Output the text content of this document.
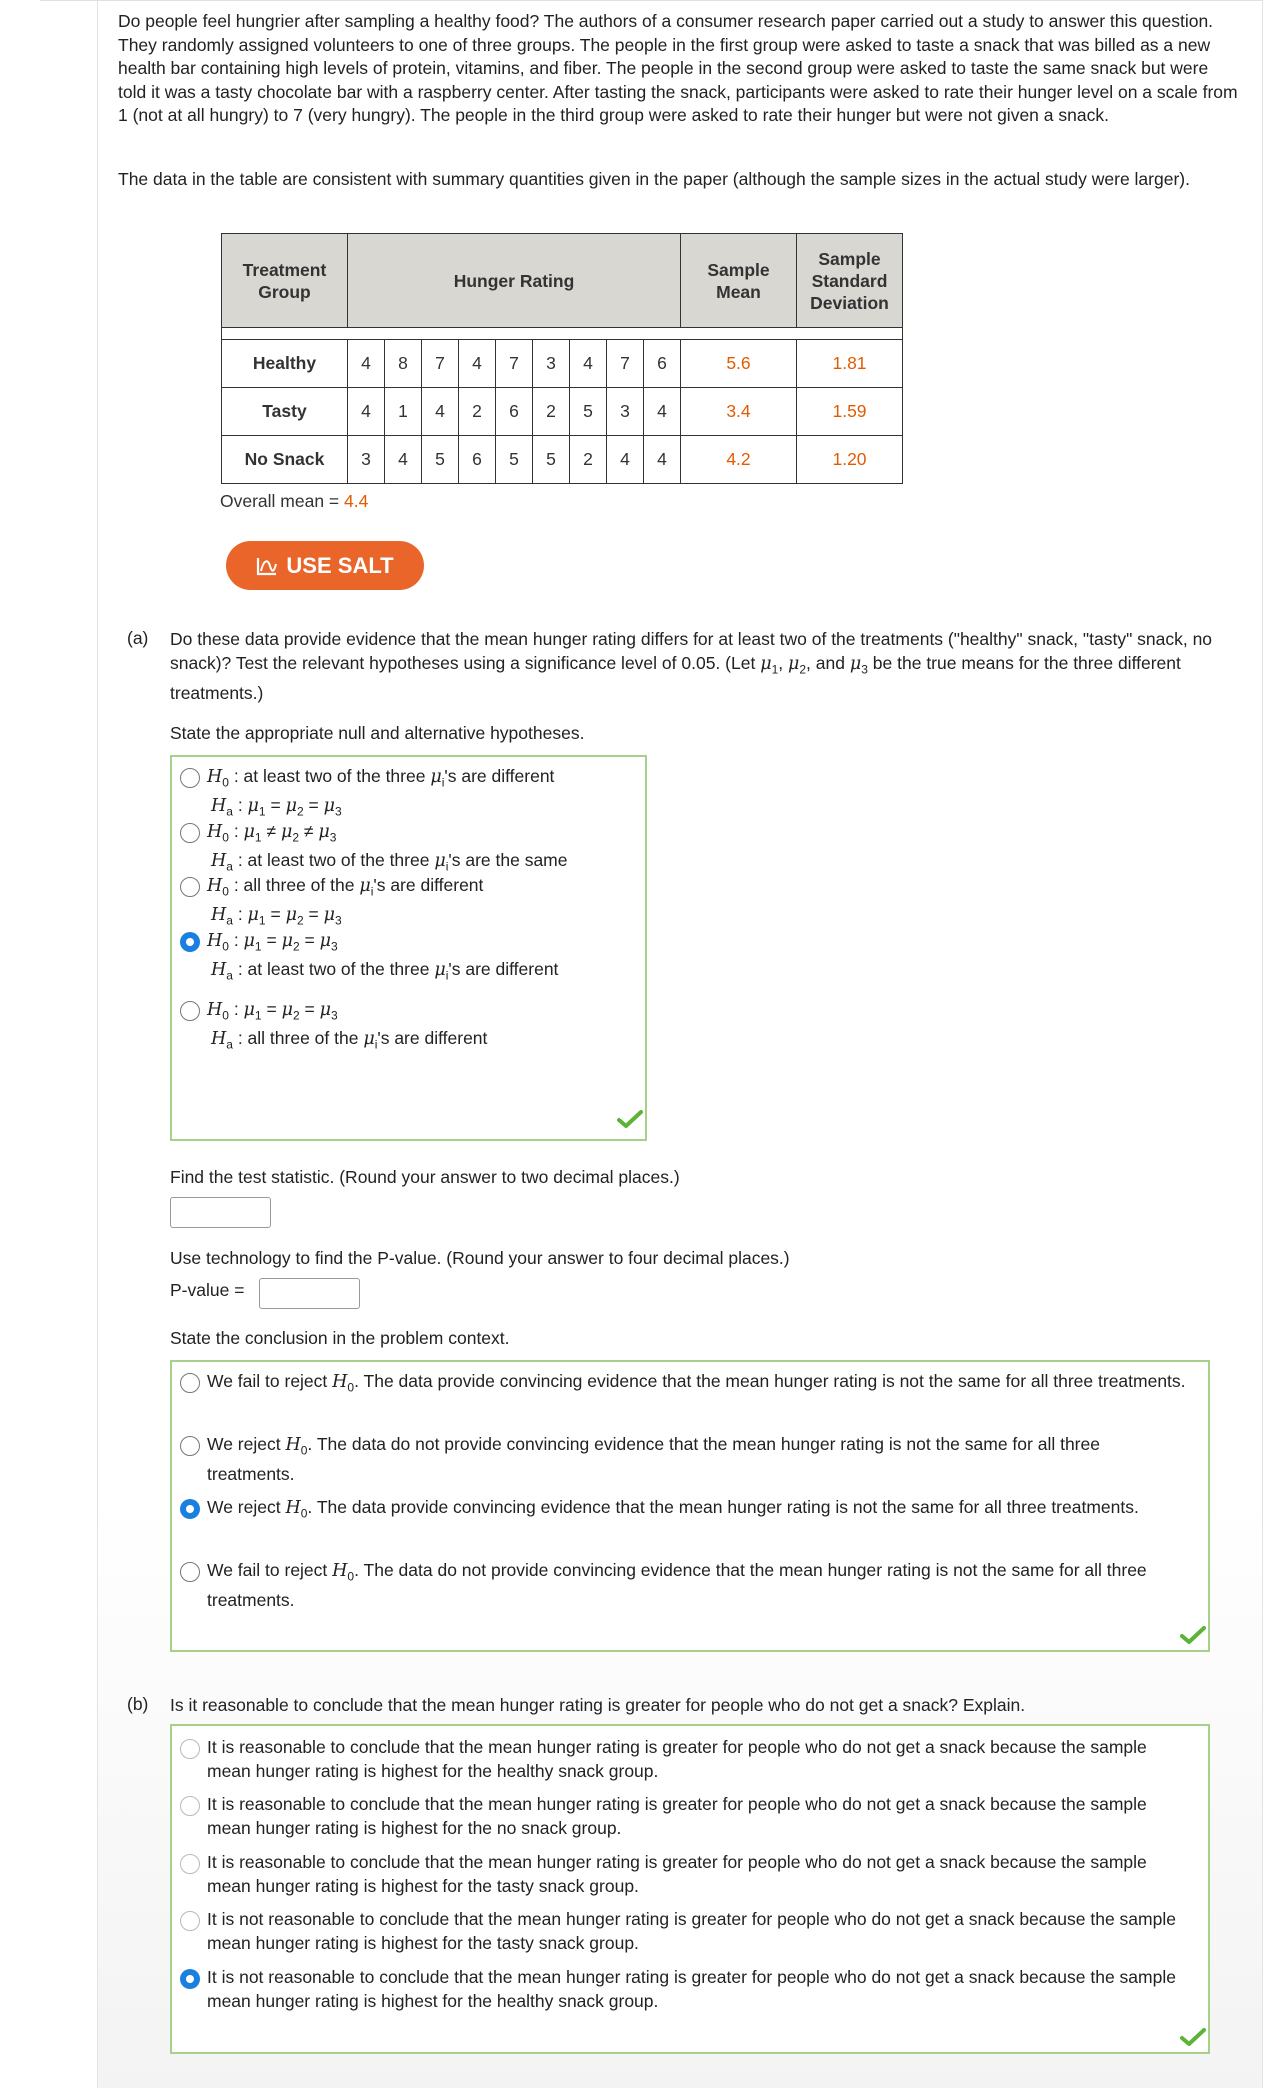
Do people feel hungrier after sampling a healthy food? The authors of a consumer research paper carried out a study to answer this question. They randomly assigned volunteers to one of three groups. The people in the first group were asked to taste a snack that was billed as a new health bar containing high levels of protein, vitamins, and fiber. The people in the second group were asked to taste the same snack but were told it was a tasty chocolate bar with a raspberry center. After tasting the snack, participants were asked to rate their hunger level on a scale from 1 (not at all hungry) to 7 (very hungry). The people in the third group were asked to rate their hunger but were not given a snack.

The data in the table are consistent with summary quantities given in the paper (although the sample sizes in the actual study were larger).

Treatment Group	Hunger Rating									Sample Mean	Sample Standard Deviation

Healthy	4	8	7	4	7	3	4	7	6	5.6	1.81
Tasty	4	1	4	2	6	2	5	3	4	3.4	1.59
No Snack	3	4	5	6	5	5	2	4	4	4.2	1.20
Overall mean = 4.4
USE SALT
(a) Do these data provide evidence that the mean hunger rating differs for at least two of the treatments ("healthy" snack, "tasty" snack, no snack)? Test the relevant hypotheses using a significance level of 0.05. (Let $\mu_1$, $\mu_2$, and $\mu_3$ be the true means for the three different treatments.)
State the appropriate null and alternative hypotheses.
$H_0$ : at least two of the three $\mu_i's$ are different
$H_a$ : $\mu_1 = \mu_2 = \mu_3$
$H_0$ : $\mu_1 \ne \mu_2 \ne \mu_3$
$H_a$ : at least two of the three $\mu_i's$ are the same
$H_0$ : all three of the $\mu_i's$ are different
$H_a$ : $\mu_1 = \mu_2 = \mu_3$
$H_0$ : $\mu_1 = \mu_2 = \mu_3$
$H_a$ : at least two of the three $\mu_i's$ are different
$H_0$ : $\mu_1 = \mu_2 = \mu_3$
$H_a$ : all three of the $\mu_i's$ are different
Find the test statistic. (Round your answer to two decimal places.)
Use technology to find the P-value. (Round your answer to four decimal places.)
P-value =
State the conclusion in the problem context.
We fail to reject $H_0$. The data provide convincing evidence that the mean hunger rating is not the same for all three treatments.
We reject $H_0$. The data do not provide convincing evidence that the mean hunger rating is not the same for all three treatments.
We reject $H_0$. The data provide convincing evidence that the mean hunger rating is not the same for all three treatments.
We fail to reject $H_0$. The data do not provide convincing evidence that the mean hunger rating is not the same for all three treatments.
(b) Is it reasonable to conclude that the mean hunger rating is greater for people who do not get a snack? Explain.
It is reasonable to conclude that the mean hunger rating is greater for people who do not get a snack because the sample mean hunger rating is highest for the healthy snack group.
It is reasonable to conclude that the mean hunger rating is greater for people who do not get a snack because the sample mean hunger rating is highest for the no snack group.
It is reasonable to conclude that the mean hunger rating is greater for people who do not get a snack because the sample mean hunger rating is highest for the tasty snack group.
It is not reasonable to conclude that the mean hunger rating is greater for people who do not get a snack because the sample mean hunger rating is highest for the tasty snack group.
It is not reasonable to conclude that the mean hunger rating is greater for people who do not get a snack because the sample mean hunger rating is highest for the healthy snack group.
